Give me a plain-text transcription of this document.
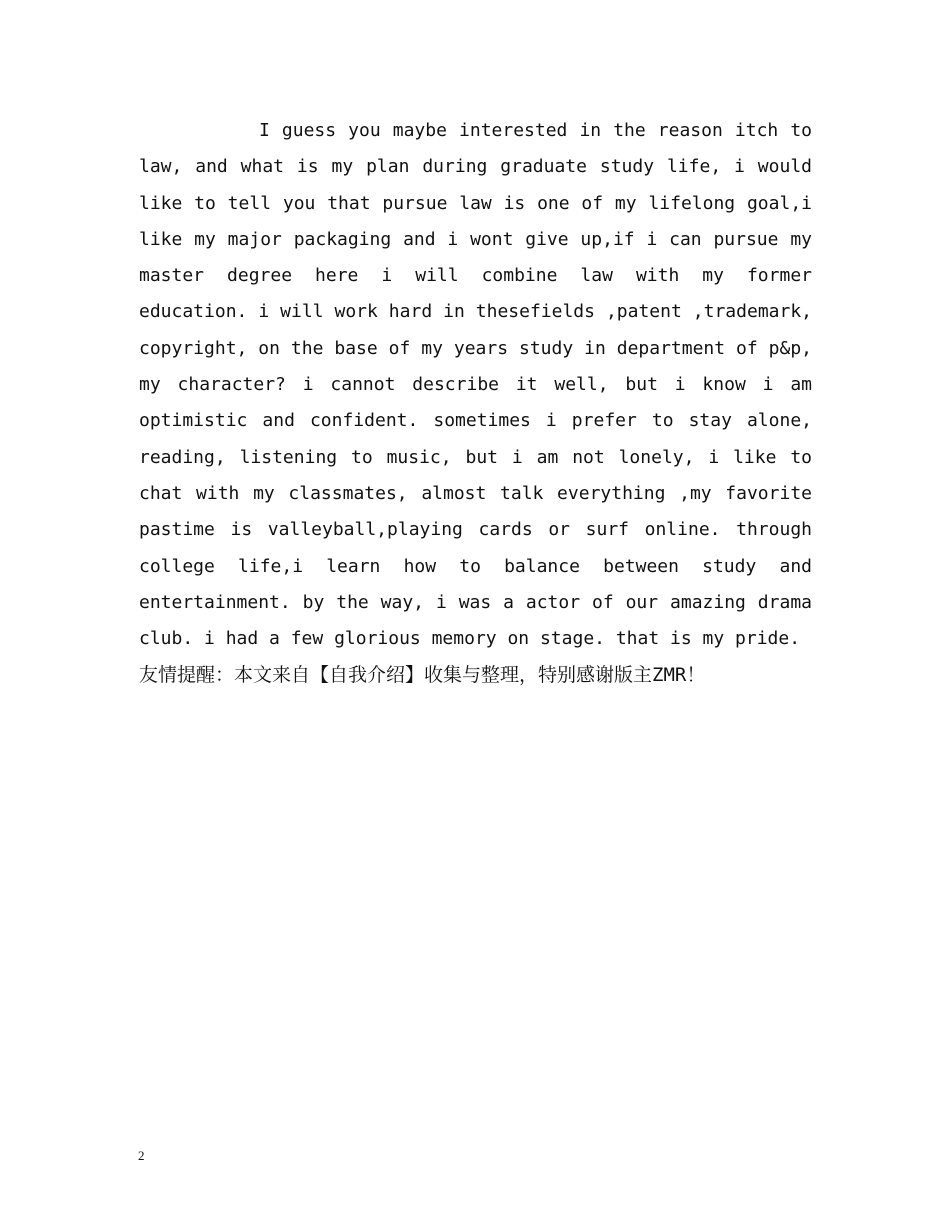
I guess you maybe interested in the reason itch to law, and what is my plan during graduate study life, i would like to tell you that pursue law is one of my lifelong goal,i like my major packaging and i wont give up,if i can pursue my master degree here i will combine law with my former education. i will work hard in thesefields ,patent ,trademark, copyright, on the base of my years study in department of p&p, my character? i cannot describe it well, but i know i am optimistic and confident. sometimes i prefer to stay alone, reading, listening to music, but i am not lonely, i like to chat with my classmates, almost talk everything ,my favorite pastime is valleyball,playing cards or surf online. through college life,i learn how to balance between study and entertainment. by the way, i was a actor of our amazing drama club. i had a few glorious memory on stage. that is my pride.

友情提醒：本文来自【自我介绍】收集与整理，特别感谢版主ZMR！

2
